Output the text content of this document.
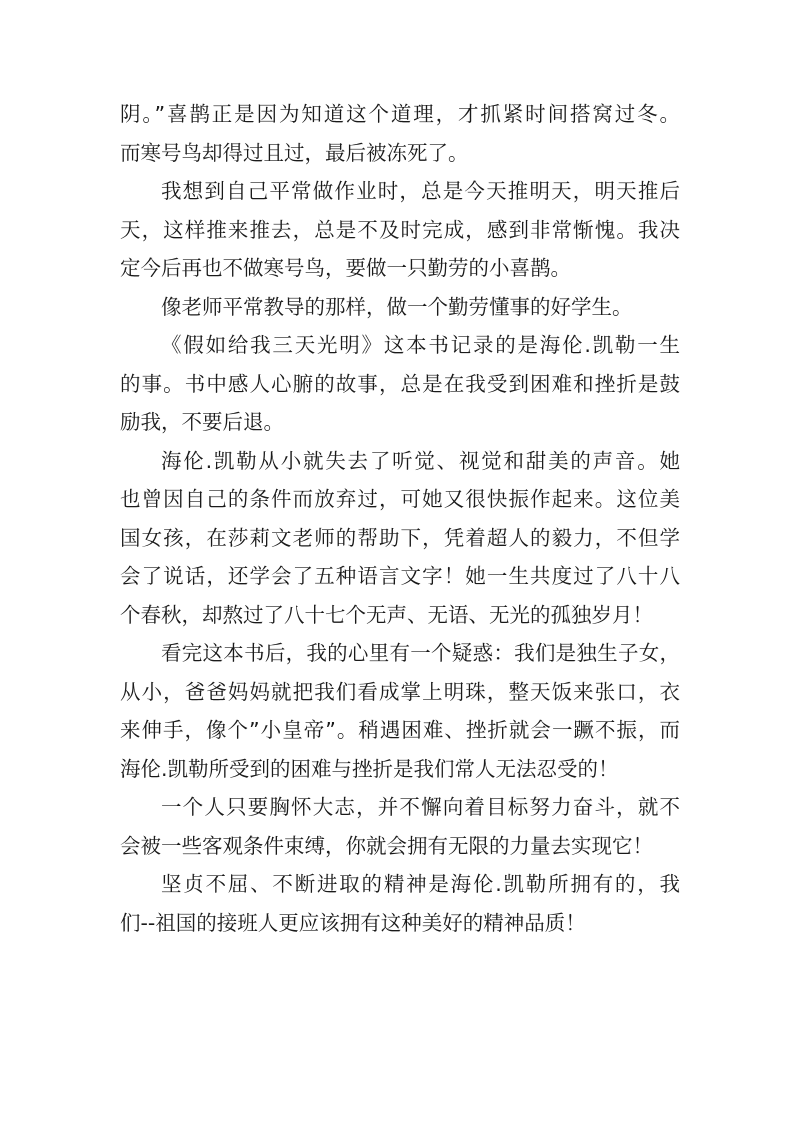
阴。”喜鹊正是因为知道这个道理，才抓紧时间搭窝过冬。

而寒号鸟却得过且过，最后被冻死了。

我想到自己平常做作业时，总是今天推明天，明天推后

天，这样推来推去，总是不及时完成，感到非常惭愧。我决

定今后再也不做寒号鸟，要做一只勤劳的小喜鹊。

像老师平常教导的那样，做一个勤劳懂事的好学生。

《假如给我三天光明》这本书记录的是海伦.凯勒一生

的事。书中感人心腑的故事，总是在我受到困难和挫折是鼓

励我，不要后退。

海伦.凯勒从小就失去了听觉、视觉和甜美的声音。她

也曾因自己的条件而放弃过，可她又很快振作起来。这位美

国女孩，在莎莉文老师的帮助下，凭着超人的毅力，不但学

会了说话，还学会了五种语言文字！她一生共度过了八十八

个春秋，却熬过了八十七个无声、无语、无光的孤独岁月！

看完这本书后，我的心里有一个疑惑：我们是独生子女，

从小，爸爸妈妈就把我们看成掌上明珠，整天饭来张口，衣

来伸手，像个”小皇帝”。稍遇困难、挫折就会一蹶不振，而

海伦.凯勒所受到的困难与挫折是我们常人无法忍受的！

一个人只要胸怀大志，并不懈向着目标努力奋斗，就不

会被一些客观条件束缚，你就会拥有无限的力量去实现它！

坚贞不屈、不断进取的精神是海伦.凯勒所拥有的，我

们--祖国的接班人更应该拥有这种美好的精神品质！
